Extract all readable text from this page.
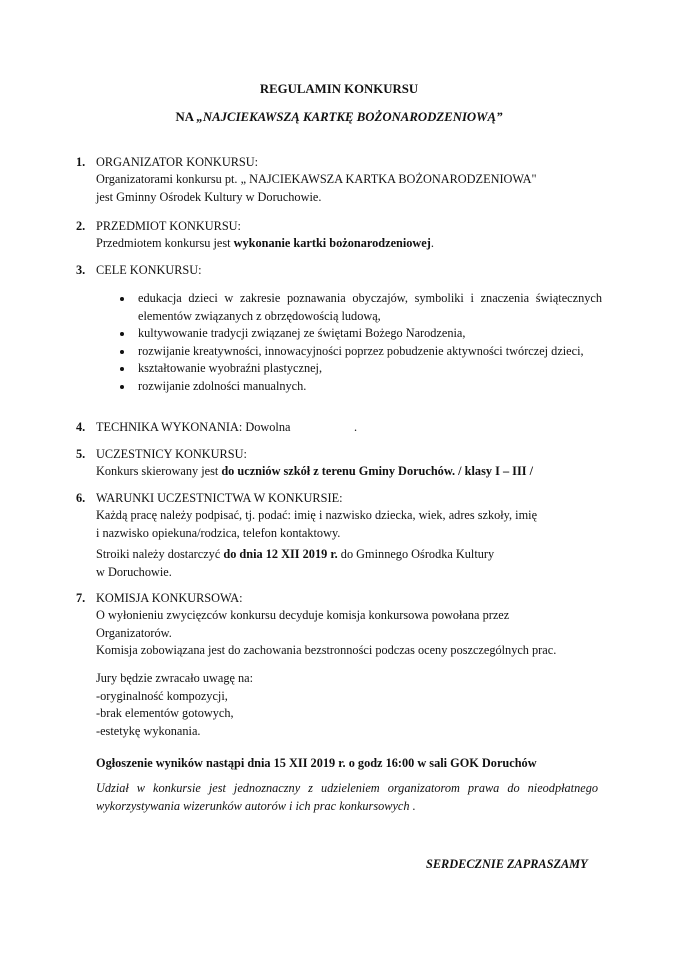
REGULAMIN KONKURSU
NA „NAJCIEKAWSZĄ KARTKĘ BOŻONARODZENIOWĄ”
1. ORGANIZATOR KONKURSU:
Organizatorami konkursu pt. „ NAJCIEKAWSZA KARTKA BOŻONARODZENIOWA"
jest Gminny Ośrodek Kultury w Doruchowie.
2. PRZEDMIOT KONKURSU:
Przedmiotem konkursu jest wykonanie kartki bożonarodzeniowej.
3. CELE KONKURSU:
edukacja dzieci w zakresie poznawania obyczajów, symboliki i znaczenia świątecznych elementów związanych z obrzędowością ludową,
kultywowanie tradycji związanej ze świętami Bożego Narodzenia,
rozwijanie kreatywności, innowacyjności poprzez pobudzenie aktywności twórczej dzieci,
kształtowanie wyobraźni plastycznej,
rozwijanie zdolności manualnych.
4. TECHNIKA WYKONANIA: Dowolna	.
5. UCZESTNICY KONKURSU:
Konkurs skierowany jest do uczniów szkół z terenu Gminy Doruchów. / klasy I – III /
6. WARUNKI UCZESTNICTWA W KONKURSIE:
Każdą pracę należy podpisać, tj. podać: imię i nazwisko dziecka, wiek, adres szkoły, imię
i nazwisko opiekuna/rodzica, telefon kontaktowy.
Stroiki należy dostarczyć do dnia 12 XII 2019 r. do Gminnego Ośrodka Kultury
w Doruchowie.
7. KOMISJA KONKURSOWA:
O wyłonieniu zwycięzców konkursu decyduje komisja konkursowa powołana przez
Organizatorów.
Komisja zobowiązana jest do zachowania bezstronności podczas oceny poszczególnych prac.
Jury będzie zwracało uwagę na:
-oryginalność kompozycji,
-brak elementów gotowych,
-estetykę wykonania.
Ogłoszenie wyników nastąpi dnia 15 XII 2019 r. o godz 16:00 w sali GOK Doruchów
Udział w konkursie jest jednoznaczny z udzieleniem organizatorom prawa do nieodpłatnego
wykorzystywania wizerunków autorów i ich prac konkursowych .
SERDECZNIE ZAPRASZAMY
